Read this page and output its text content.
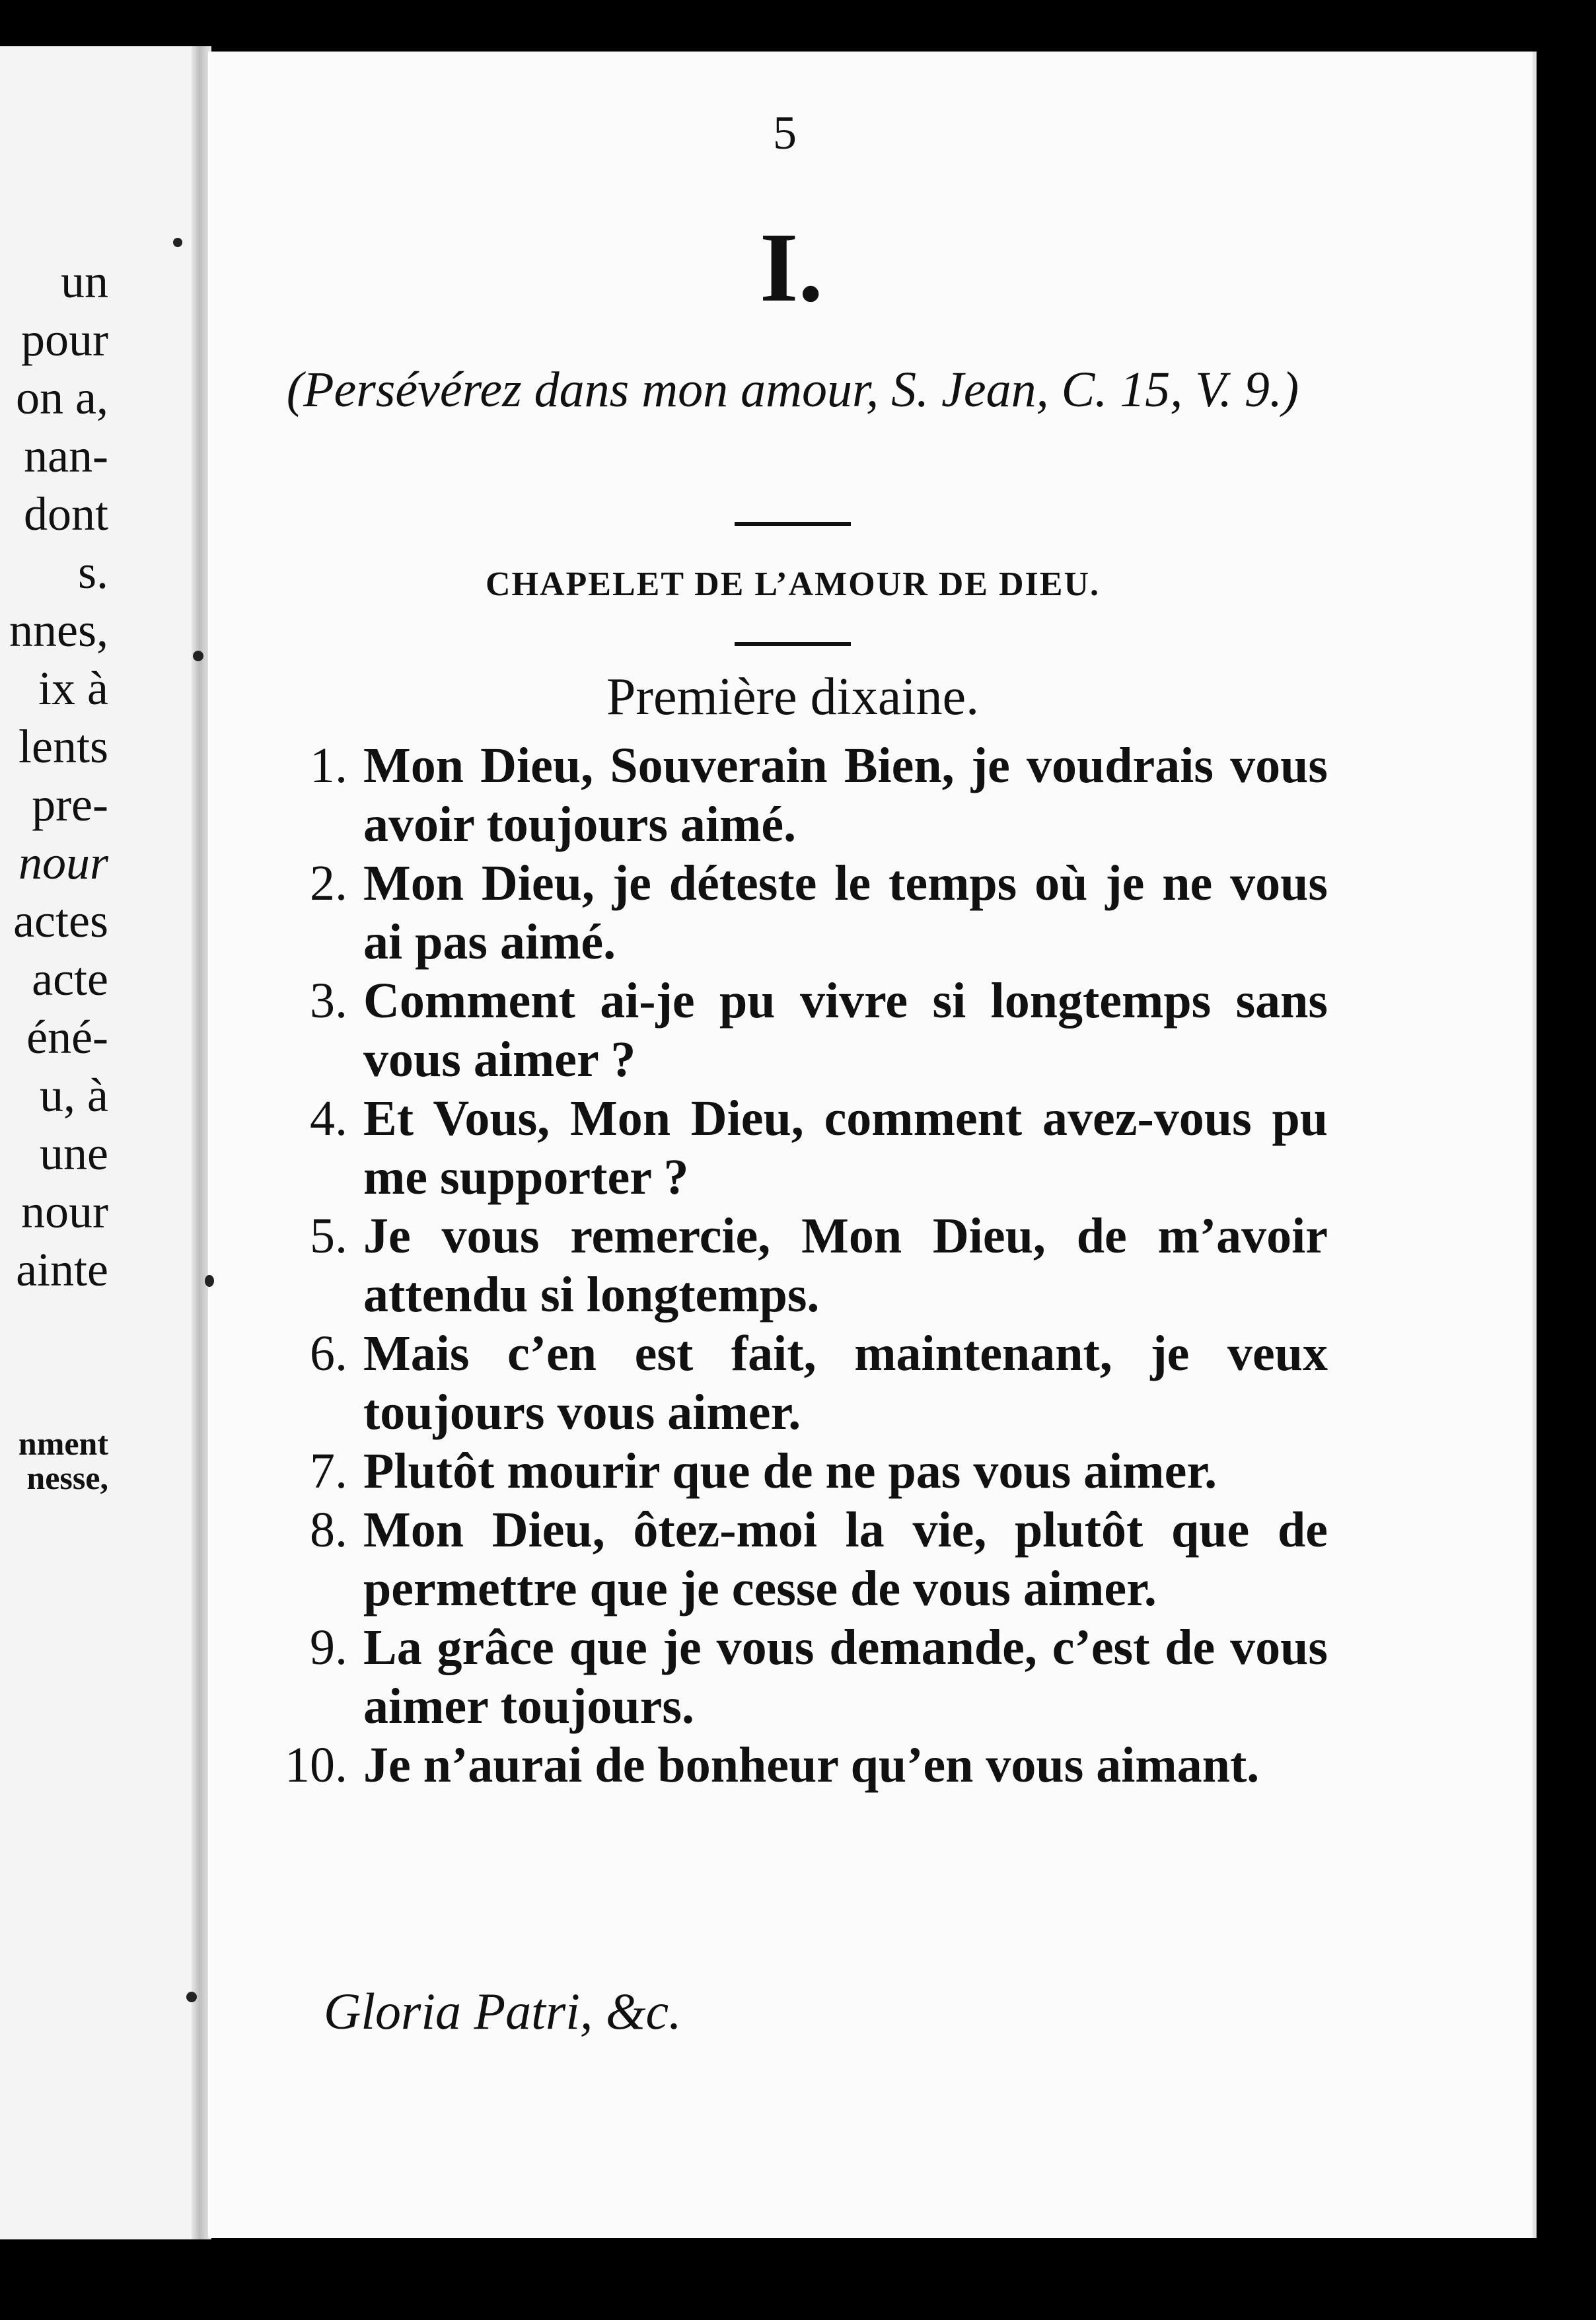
un
pour
on a,
nan-
dont
s.
nnes,
ix à
lents
pre-
nour
actes
acte
éné-
u, à
une
nour
ainte
nment
nesse,
5
I.
(Persévérez dans mon amour, S. Jean, C. 15, V. 9.)
CHAPELET DE L’AMOUR DE DIEU.
Première dixaine.
1. Mon Dieu, Souverain Bien, je voudrais vous avoir toujours aimé.
2. Mon Dieu, je déteste le temps où je ne vous ai pas aimé.
3. Comment ai-je pu vivre si longtemps sans vous aimer ?
4. Et Vous, Mon Dieu, comment avez-vous pu me supporter ?
5. Je vous remercie, Mon Dieu, de m’avoir attendu si longtemps.
6. Mais c’en est fait, maintenant, je veux toujours vous aimer.
7. Plutôt mourir que de ne pas vous aimer.
8. Mon Dieu, ôtez-moi la vie, plutôt que de permettre que je cesse de vous aimer.
9. La grâce que je vous demande, c’est de vous aimer toujours.
10. Je n’aurai de bonheur qu’en vous aimant.
Gloria Patri, &c.
